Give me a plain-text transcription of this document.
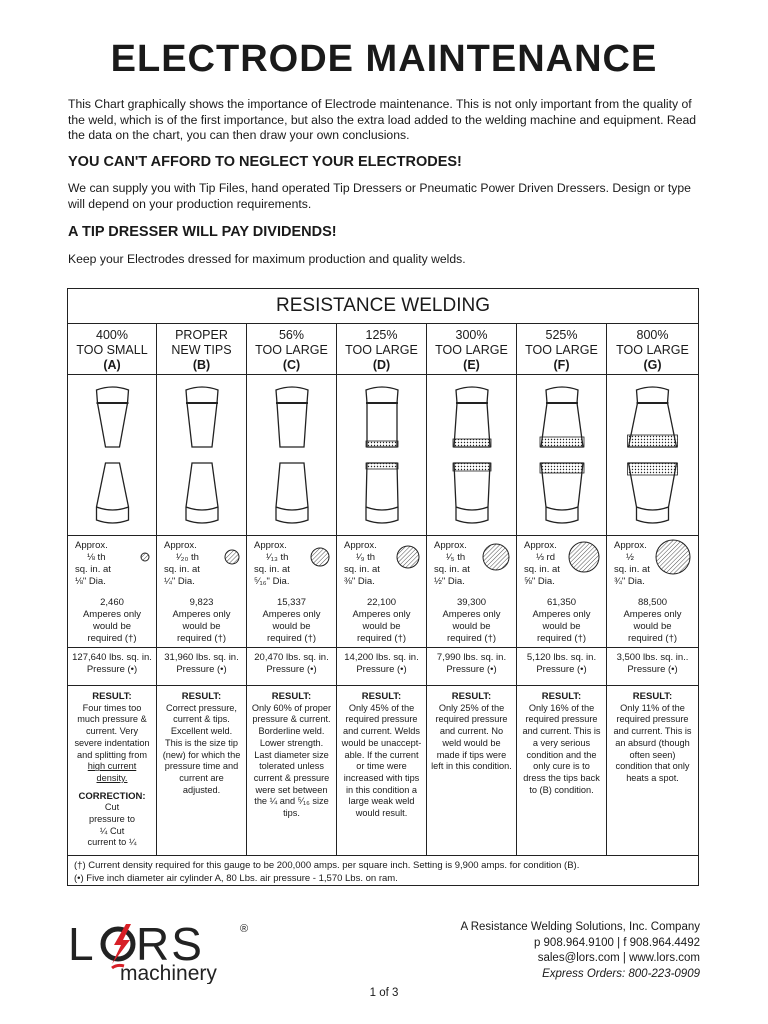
ELECTRODE MAINTENANCE
This Chart graphically shows the importance of Electrode maintenance. This is not only important from the quality of the weld, which is of the first importance, but also the extra load added to the welding machine and equipment. Read the data on the chart, you can then draw your own conclusions.
YOU CAN'T AFFORD TO NEGLECT YOUR ELECTRODES!
We can supply you with Tip Files, hand operated Tip Dressers or Pneumatic Power Driven Dressers. Design or type will depend on your production requirements.
A TIP DRESSER WILL PAY DIVIDENDS!
Keep your Electrodes dressed for maximum production and quality welds.
RESISTANCE WELDING
400%
TOO SMALL
(A)
Approx.
⅛ th
sq. in. at
⅛" Dia.
2,460
Amperes only would be required (†)
127,640 lbs. sq. in.
Pressure (•)
RESULT:
Four times too much pressure & current. Very severe indentation and splitting from
high current density.
CORRECTION:
Cut pressure to ¼ Cut current to ¼
PROPER
NEW TIPS
(B)
Approx.
¹⁄₂₀ th
sq. in. at
¼" Dia.
9,823
Amperes only would be required (†)
31,960 lbs. sq. in.
Pressure (•)
RESULT:
Correct pressure, current & tips. Excellent weld. This is the size tip (new) for which the pressure time and current are adjusted.
56%
TOO LARGE
(C)
Approx.
¹⁄₁₃ th
sq. in. at
⁵⁄₁₆" Dia.
15,337
Amperes only would be required (†)
20,470 lbs. sq. in.
Pressure (•)
RESULT:
Only 60% of proper pressure & current. Borderline weld. Lower strength. Last diameter size tolerated unless current & pressure were set between the ¼ and ⁵⁄₁₆ size tips.
125%
TOO LARGE
(D)
Approx.
¹⁄₉ th
sq. in. at
⅜" Dia.
22,100
Amperes only would be required (†)
14,200 lbs. sq. in.
Pressure (•)
RESULT:
Only 45% of the required pressure and current. Welds would be unaccept-able. If the current or time were increased with tips in this condition a large weak weld would result.
300%
TOO LARGE
(E)
Approx.
¹⁄₅ th
sq. in. at
½" Dia.
39,300
Amperes only would be required (†)
7,990 lbs. sq. in.
Pressure (•)
RESULT:
Only 25% of the required pressure and current. No weld would be made if tips were left in this condition.
525%
TOO LARGE
(F)
Approx.
⅓ rd
sq. in. at
⅝" Dia.
61,350
Amperes only would be required (†)
5,120 lbs. sq. in.
Pressure (•)
RESULT:
Only 16% of the required pressure and current. This is a very serious condition and the only cure is to dress the tips back to (B) condition.
800%
TOO LARGE
(G)
Approx.
½
sq. in. at
¾" Dia.
88,500
Amperes only would be required (†)
3,500 lbs. sq. in..
Pressure (•)
RESULT:
Only 11% of the required pressure and current. This is an absurd (though often seen) condition that only heats a spot.
(†) Current density required for this gauge to be 200,000 amps. per square inch. Setting is 9,900 amps. for condition (B).
(•) Five inch diameter air cylinder A, 80 Lbs. air pressure - 1,570 Lbs. on ram.
L RS	®
machinery
A Resistance Welding Solutions, Inc. Company
p 908.964.9100 | f 908.964.4492
sales@lors.com | www.lors.com
Express Orders: 800-223-0909
1 of 3
